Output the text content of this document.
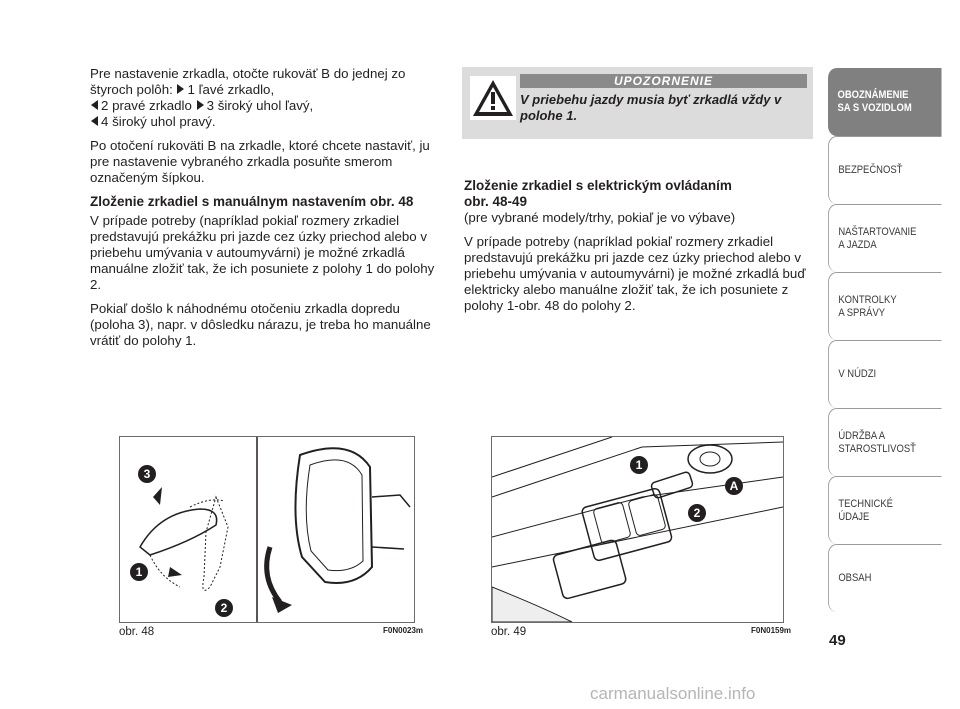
Pre nastavenie zrkadla, otočte rukoväť B do jednej zo
štyroch polôh: 1 ľavé zrkadlo,
2 pravé zrkadlo 3 široký uhol ľavý,
4 široký uhol pravý.

Po otočení rukoväti B na zrkadle, ktoré chcete nastaviť, ju pre nastavenie vybraného zrkadla posuňte smerom označeným šípkou.

Zloženie zrkadiel s manuálnym nastavením obr. 48

V prípade potreby (napríklad pokiaľ rozmery zrkadiel predstavujú prekážku pri jazde cez úzky priechod alebo v priebehu umývania v autoumyvárni) je možné zrkadlá manuálne zložiť tak, že ich posuniete z polohy 1 do polohy 2.

Pokiaľ došlo k náhodnému otočeniu zrkadla dopredu (poloha 3), napr. v dôsledku nárazu, je treba ho manuálne vrátiť do polohy 1.

UPOZORNENIE
V priebehu jazdy musia byť zrkadlá vždy v polohe 1.
Zloženie zrkadiel s elektrickým ovládaním
obr. 48-49

(pre vybrané modely/trhy, pokiaľ je vo výbave)

V prípade potreby (napríklad pokiaľ rozmery zrkadiel predstavujú prekážku pri jazde cez úzky priechod alebo v priebehu umývania v autoumyvárni) je možné zrkadlá buď elektricky alebo manuálne zložiť tak, že ich posuniete z polohy 1-obr. 48 do polohy 2.

3
1
2
obr. 48	F0N0023m
1
A
2
obr. 49	F0N0159m
OBOZNÁMENIE
SA S VOZIDLOM
BEZPEČNOSŤ
NAŠTARTOVANIE
A JAZDA
KONTROLKY
A SPRÁVY
V NÚDZI
ÚDRŽBA A
STAROSTLIVOSŤ
TECHNICKÉ
ÚDAJE
OBSAH
49
carmanualsonline.info
